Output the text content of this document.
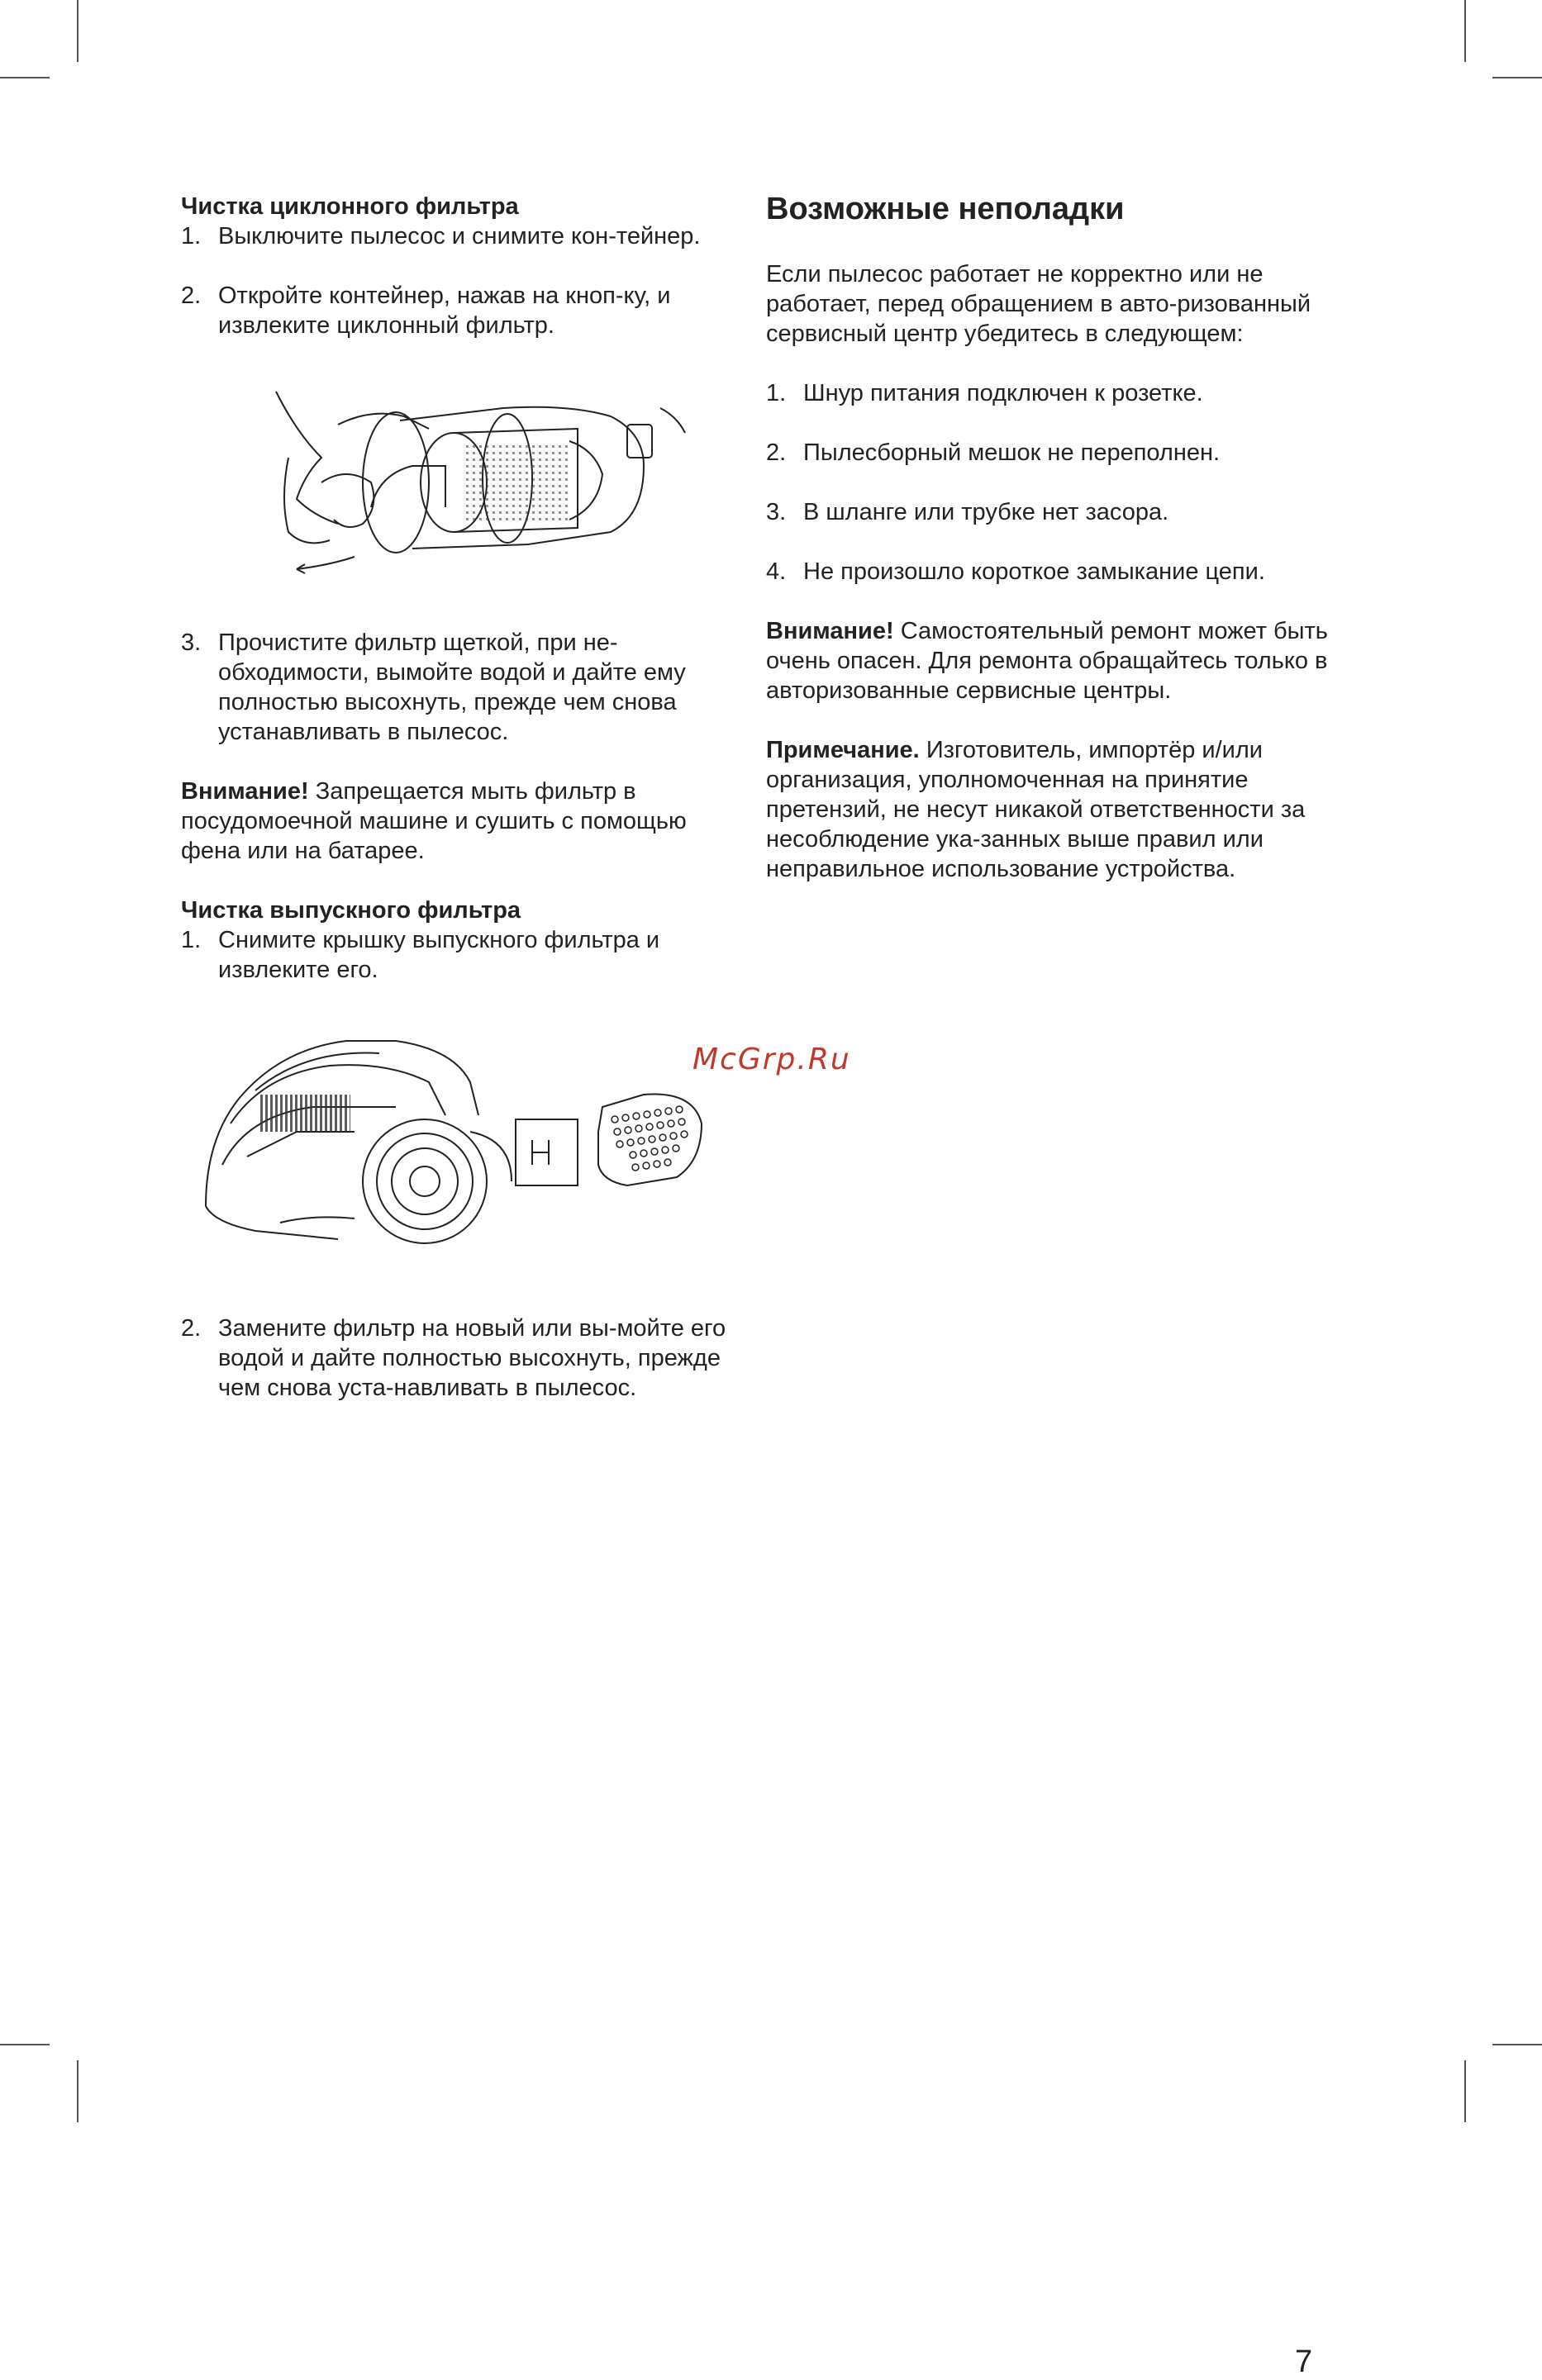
Чистка циклонного фильтра

1. Выключите пылесос и снимите кон-тейнер.
2. Откройте контейнер, нажав на кноп-ку, и извлеките циклонный фильтр.
3. Прочистите фильтр щеткой, при не-обходимости, вымойте водой и дайте ему полностью высохнуть, прежде чем снова устанавливать в пылесос.

Внимание! Запрещается мыть фильтр в посудомоечной машине и сушить с помощью фена или на батарее.

Чистка выпускного фильтра

1. Снимите крышку выпускного фильтра и извлеките его.
2. Замените фильтр на новый или вы-мойте его водой и дайте полностью высохнуть, прежде чем снова уста-навливать в пылесос.
Возможные неполадки

Если пылесос работает не корректно или не работает, перед обращением в авто-ризованный сервисный центр убедитесь в следующем:

1. Шнур питания подключен к розетке.
2. Пылесборный мешок не переполнен.
3. В шланге или трубке нет засора.
4. Не произошло короткое замыкание цепи.

Внимание! Самостоятельный ремонт может быть очень опасен. Для ремонта обращайтесь только в авторизованные сервисные центры.

Примечание. Изготовитель, импортёр и/или организация, уполномоченная на принятие претензий, не несут никакой ответственности за несоблюдение ука-занных выше правил или неправильное использование устройства.

McGrp.Ru
7
